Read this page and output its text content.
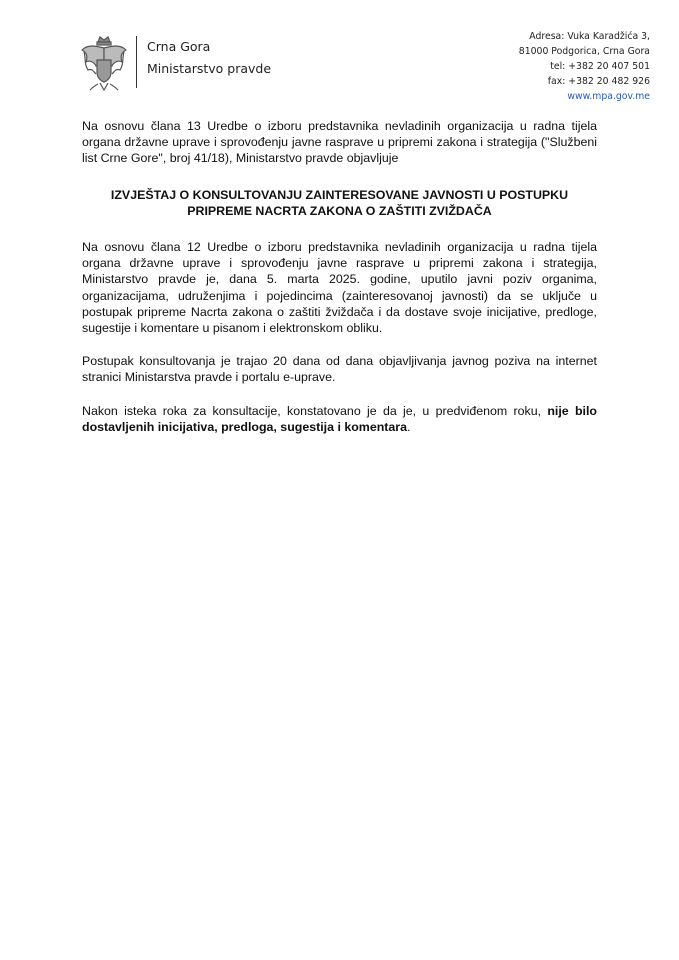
Crna Gora
Ministarstvo pravde
Adresa: Vuka Karadžića 3,
81000 Podgorica, Crna Gora
tel: +382 20 407 501
fax: +382 20 482 926
www.mpa.gov.me

Na osnovu člana 13 Uredbe o izboru predstavnika nevladinih organizacija u radna tijela organa državne uprave i sprovođenju javne rasprave u pripremi zakona i strategija ("Službeni list Crne Gore", broj 41/18), Ministarstvo pravde objavljuje

IZVJEŠTAJ O KONSULTOVANJU ZAINTERESOVANE JAVNOSTI U POSTUPKU
PRIPREME NACRTA ZAKONA O ZAŠTITI ZVIŽDAČA

Na osnovu člana 12 Uredbe o izboru predstavnika nevladinih organizacija u radna tijela organa državne uprave i sprovođenju javne rasprave u pripremi zakona i strategija, Ministarstvo pravde je, dana 5. marta 2025. godine, uputilo javni poziv organima, organizacijama, udruženjima i pojedincima (zainteresovanoj javnosti) da se uključe u postupak pripreme Nacrta zakona o zaštiti žviždača i da dostave svoje inicijative, predloge, sugestije i komentare u pisanom i elektronskom obliku.

Postupak konsultovanja je trajao 20 dana od dana objavljivanja javnog poziva na internet stranici Ministarstva pravde i portalu e-uprave.

Nakon isteka roka za konsultacije, konstatovano je da je, u predviđenom roku, nije bilo dostavljenih inicijativa, predloga, sugestija i komentara.
